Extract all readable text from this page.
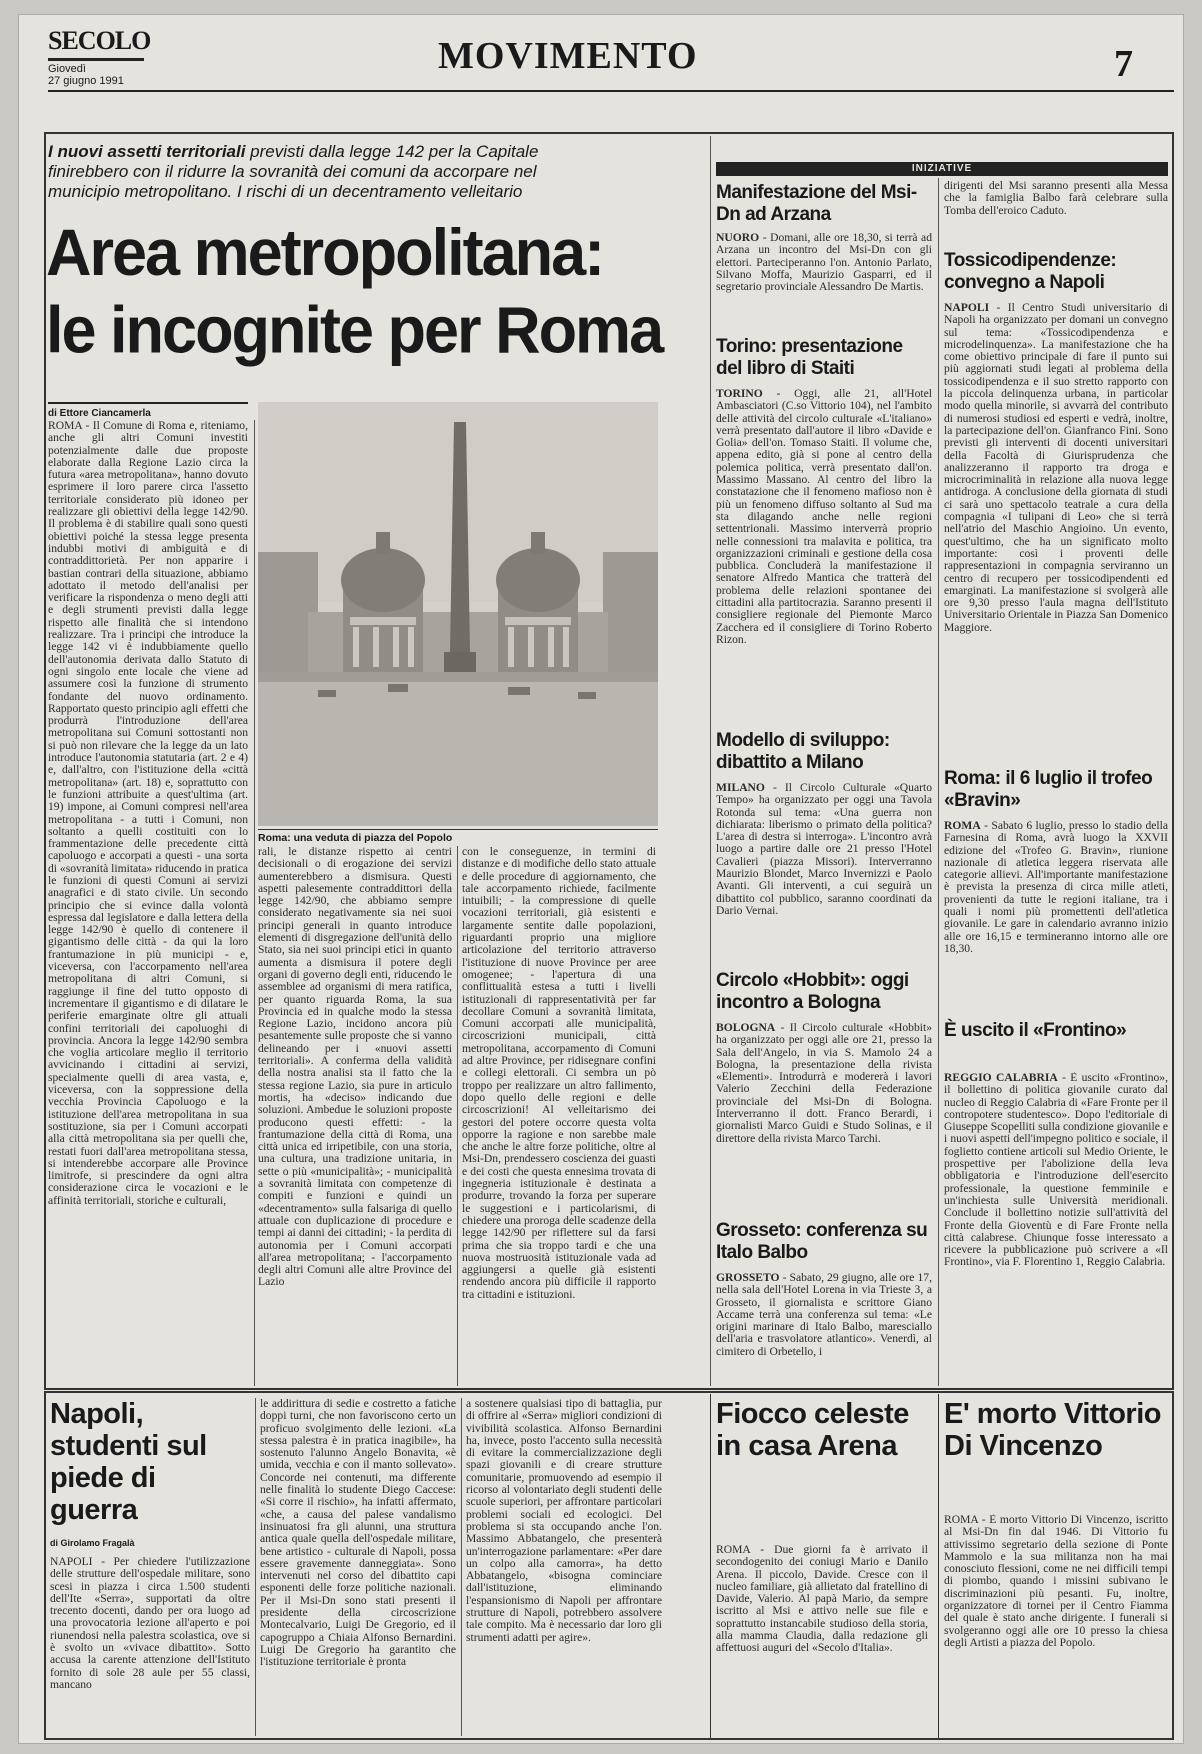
SECOLO
Giovedì
27 giugno 1991
MOVIMENTO	7
I nuovi assetti territoriali previsti dalla legge 142 per la Capitale finirebbero con il ridurre la sovranità dei comuni da accorpare nel municipio metropolitano. I rischi di un decentramento velleitario
Area metropolitana:
le incognite per Roma
di Ettore Ciancamerla
ROMA - Il Comune di Roma e, riteniamo, anche gli altri Comuni investiti potenzialmente dalle due proposte elaborate dalla Regione Lazio circa la futura «area metropolitana», hanno dovuto esprimere il loro parere circa l'assetto territoriale considerato più idoneo per realizzare gli obiettivi della legge 142/90. Il problema è di stabilire quali sono questi obiettivi poiché la stessa legge presenta indubbi motivi di ambiguità e di contraddittorietà. Per non apparire i bastian contrari della situazione, abbiamo adottato il metodo dell'analisi per verificare la rispondenza o meno degli atti e degli strumenti previsti dalla legge rispetto alle finalità che si intendono realizzare. Tra i principi che introduce la legge 142 vi è indubbiamente quello dell'autonomia derivata dallo Statuto di ogni singolo ente locale che viene ad assumere così la funzione di strumento fondante del nuovo ordinamento. Rapportato questo principio agli effetti che produrrà l'introduzione dell'area metropolitana sui Comuni sottostanti non si può non rilevare che la legge da un lato introduce l'autonomia statutaria (art. 2 e 4) e, dall'altro, con l'istituzione della «città metropolitana» (art. 18) e, soprattutto con le funzioni attribuite a quest'ultima (art. 19) impone, ai Comuni compresi nell'area metropolitana - a tutti i Comuni, non soltanto a quelli costituiti con lo frammentazione delle precedente città capoluogo e accorpati a questi - una sorta di «sovranità limitata» riducendo in pratica le funzioni di questi Comuni ai servizi anagrafici e di stato civile. Un secondo principio che si evince dalla volontà espressa dal legislatore e dalla lettera della legge 142/90 è quello di contenere il gigantismo delle città - da qui la loro frantumazione in più municipi - e, viceversa, con l'accorpamento nell'area metropolitana di altri Comuni, si raggiunge il fine del tutto opposto di incrementare il gigantismo e di dilatare le periferie emarginate oltre gli attuali confini territoriali dei capoluoghi di provincia. Ancora la legge 142/90 sembra che voglia articolare meglio il territorio avvicinando i cittadini ai servizi, specialmente quelli di area vasta, e, viceversa, con la soppressione della vecchia Provincia Capoluogo e la istituzione dell'area metropolitana in sua sostituzione, sia per i Comuni accorpati alla città metropolitana sia per quelli che, restati fuori dall'area metropolitana stessa, si intenderebbe accorpare alle Province limitrofe, si prescindere da ogni altra considerazione circa le vocazioni e le affinità territoriali, storiche e culturali,
Roma: una veduta di piazza del Popolo
rali, le distanze rispetto ai centri decisionali o di erogazione dei servizi aumenterebbero a dismisura. Questi aspetti palesemente contraddittori della legge 142/90, che abbiamo sempre considerato negativamente sia nei suoi principi generali in quanto introduce elementi di disgregazione dell'unità dello Stato, sia nei suoi principi etici in quanto aumenta a dismisura il potere degli organi di governo degli enti, riducendo le assemblee ad organismi di mera ratifica, per quanto riguarda Roma, la sua Provincia ed in qualche modo la stessa Regione Lazio, incidono ancora più pesantemente sulle proposte che si vanno delineando per i «nuovi assetti territoriali». A conferma della validità della nostra analisi sta il fatto che la stessa regione Lazio, sia pure in articulo mortis, ha «deciso» indicando due soluzioni. Ambedue le soluzioni proposte producono questi effetti: - la frantumazione della città di Roma, una città unica ed irripetibile, con una storia, una cultura, una tradizione unitaria, in sette o più «municipalità»; - municipalità a sovranità limitata con competenze di compiti e funzioni e quindi un «decentramento» sulla falsariga di quello attuale con duplicazione di procedure e tempi ai danni dei cittadini; - la perdita di autonomia per i Comuni accorpati all'area metropolitana; - l'accorpamento degli altri Comuni alle altre Province del Lazio
con le conseguenze, in termini di distanze e di modifiche dello stato attuale e delle procedure di aggiornamento, che tale accorpamento richiede, facilmente intuibili; - la compressione di quelle vocazioni territoriali, già esistenti e largamente sentite dalle popolazioni, riguardanti proprio una migliore articolazione del territorio attraverso l'istituzione di nuove Province per aree omogenee; - l'apertura di una conflittualità estesa a tutti i livelli istituzionali di rappresentatività per far decollare Comuni a sovranità limitata, Comuni accorpati alle municipalità, circoscrizioni municipali, città metropolitana, accorpamento di Comuni ad altre Province, per ridisegnare confini e collegi elettorali. Ci sembra un pò troppo per realizzare un altro fallimento, dopo quello delle regioni e delle circoscrizioni! Al velleitarismo dei gestori del potere occorre questa volta opporre la ragione e non sarebbe male che anche le altre forze politiche, oltre al Msi-Dn, prendessero coscienza dei guasti e dei costi che questa ennesima trovata di ingegneria istituzionale è destinata a produrre, trovando la forza per superare le suggestioni e i particolarismi, di chiedere una proroga delle scadenze della legge 142/90 per riflettere sul da farsi prima che sia troppo tardi e che una nuova mostruosità istituzionale vada ad aggiungersi a quelle già esistenti rendendo ancora più difficile il rapporto tra cittadini e istituzioni.
INIZIATIVE
Manifestazione del Msi-Dn ad Arzana

NUORO - Domani, alle ore 18,30, si terrà ad Arzana un incontro del Msi-Dn con gli elettori. Parteciperanno l'on. Antonio Parlato, Silvano Moffa, Maurizio Gasparri, ed il segretario provinciale Alessandro De Martis.

Torino: presentazione del libro di Staiti

TORINO - Oggi, alle 21, all'Hotel Ambasciatori (C.so Vittorio 104), nel l'ambito delle attività del circolo culturale «L'italiano» verrà presentato dall'autore il libro «Davide e Golia» dell'on. Tomaso Staiti. Il volume che, appena edito, già si pone al centro della polemica politica, verrà presentato dall'on. Massimo Massano. Al centro del libro la constatazione che il fenomeno mafioso non è più un fenomeno diffuso soltanto al Sud ma sta dilagando anche nelle regioni settentrionali. Massimo interverrà proprio nelle connessioni tra malavita e politica, tra organizzazioni criminali e gestione della cosa pubblica. Concluderà la manifestazione il senatore Alfredo Mantica che tratterà del problema delle relazioni spontanee dei cittadini alla partitocrazia. Saranno presenti il consigliere regionale del Piemonte Marco Zacchera ed il consigliere di Torino Roberto Rizon.

Modello di sviluppo: dibattito a Milano

MILANO - Il Circolo Culturale «Quarto Tempo» ha organizzato per oggi una Tavola Rotonda sul tema: «Una guerra non dichiarata: liberismo o primato della politica? L'area di destra si interroga». L'incontro avrà luogo a partire dalle ore 21 presso l'Hotel Cavalieri (piazza Missori). Interverranno Maurizio Blondet, Marco Invernizzi e Paolo Avanti. Gli interventi, a cui seguirà un dibattito col pubblico, saranno coordinati da Dario Vernai.

Circolo «Hobbit»: oggi incontro a Bologna

BOLOGNA - Il Circolo culturale «Hobbit» ha organizzato per oggi alle ore 21, presso la Sala dell'Angelo, in via S. Mamolo 24 a Bologna, la presentazione della rivista «Elementi». Introdurrà e modererà i lavori Valerio Zecchini della Federazione provinciale del Msi-Dn di Bologna. Interverranno il dott. Franco Berardi, i giornalisti Marco Guidi e Studo Solinas, e il direttore della rivista Marco Tarchi.

Grosseto: conferenza su Italo Balbo

GROSSETO - Sabato, 29 giugno, alle ore 17, nella sala dell'Hotel Lorena in via Trieste 3, a Grosseto, il giornalista e scrittore Giano Accame terrà una conferenza sul tema: «Le origini marinare di Italo Balbo, maresciallo dell'aria e trasvolatore atlantico». Venerdì, al cimitero di Orbetello, i

dirigenti del Msi saranno presenti alla Messa che la famiglia Balbo farà celebrare sulla Tomba dell'eroico Caduto.

Tossicodipendenze: convegno a Napoli

NAPOLI - Il Centro Studi universitario di Napoli ha organizzato per domani un convegno sul tema: «Tossicodipendenza e microdelinquenza». La manifestazione che ha come obiettivo principale di fare il punto sui più aggiornati studi legati al problema della tossicodipendenza e il suo stretto rapporto con la piccola delinquenza urbana, in particolar modo quella minorile, si avvarrà del contributo di numerosi studiosi ed esperti e vedrà, inoltre, la partecipazione dell'on. Gianfranco Fini. Sono previsti gli interventi di docenti universitari della Facoltà di Giurisprudenza che analizzeranno il rapporto tra droga e microcriminalità in relazione alla nuova legge antidroga. A conclusione della giornata di studi ci sarà uno spettacolo teatrale a cura della compagnia «I tulipani di Leo» che si terrà nell'atrio del Maschio Angioino. Un evento, quest'ultimo, che ha un significato molto importante: così i proventi delle rappresentazioni in compagnia serviranno un centro di recupero per tossicodipendenti ed emarginati. La manifestazione si svolgerà alle ore 9,30 presso l'aula magna dell'Istituto Universitario Orientale in Piazza San Domenico Maggiore.

Roma: il 6 luglio il trofeo «Bravin»

ROMA - Sabato 6 luglio, presso lo stadio della Farnesina di Roma, avrà luogo la XXVII edizione del «Trofeo G. Bravin», riunione nazionale di atletica leggera riservata alle categorie allievi. All'importante manifestazione è prevista la presenza di circa mille atleti, provenienti da tutte le regioni italiane, tra i quali i nomi più promettenti dell'atletica giovanile. Le gare in calendario avranno inizio alle ore 16,15 e termineranno intorno alle ore 18,30.

È uscito il «Frontino»

REGGIO CALABRIA - È uscito «Frontino», il bollettino di politica giovanile curato dal nucleo di Reggio Calabria di «Fare Fronte per il contropotere studentesco». Dopo l'editoriale di Giuseppe Scopelliti sulla condizione giovanile e i nuovi aspetti dell'impegno politico e sociale, il foglietto contiene articoli sul Medio Oriente, le prospettive per l'abolizione della leva obbligatoria e l'introduzione dell'esercito professionale, la questione femminile e un'inchiesta sulle Università meridionali. Conclude il bollettino notizie sull'attività del Fronte della Gioventù e di Fare Fronte nella città calabrese. Chiunque fosse interessato a ricevere la pubblicazione può scrivere a «Il Frontino», via F. Florentino 1, Reggio Calabria.

Napoli, studenti sul piede di guerra
di Girolamo Fragalà
NAPOLI - Per chiedere l'utilizzazione delle strutture dell'ospedale militare, sono scesi in piazza i circa 1.500 studenti dell'Ite «Serra», supportati da oltre trecento docenti, dando per ora luogo ad una provocatoria lezione all'aperto e poi riunendosi nella palestra scolastica, ove si è svolto un «vivace dibattito». Sotto accusa la carente attenzione dell'Istituto fornito di sole 28 aule per 55 classi, mancano
le addirittura di sedie e costretto a fatiche doppi turni, che non favoriscono certo un proficuo svolgimento delle lezioni. «La stessa palestra è in pratica inagibile», ha sostenuto l'alunno Angelo Bonavita, «è umida, vecchia e con il manto sollevato». Concorde nei contenuti, ma differente nelle finalità lo studente Diego Caccese: «Si corre il rischio», ha infatti affermato, «che, a causa del palese vandalismo insinuatosi fra gli alunni, una struttura antica quale quella dell'ospedale militare, bene artistico - culturale di Napoli, possa essere gravemente danneggiata». Sono intervenuti nel corso del dibattito capi esponenti delle forze politiche nazionali. Per il Msi-Dn sono stati presenti il presidente della circoscrizione Montecalvario, Luigi De Gregorio, ed il capogruppo a Chiaia Alfonso Bernardini. Luigi De Gregorio ha garantito che l'istituzione territoriale è pronta
a sostenere qualsiasi tipo di battaglia, pur di offrire al «Serra» migliori condizioni di vivibilità scolastica. Alfonso Bernardini ha, invece, posto l'accento sulla necessità di evitare la commercializzazione degli spazi giovanili e di creare strutture comunitarie, promuovendo ad esempio il ricorso al volontariato degli studenti delle scuole superiori, per affrontare particolari problemi sociali ed ecologici. Del problema si sta occupando anche l'on. Massimo Abbatangelo, che presenterà un'interrogazione parlamentare: «Per dare un colpo alla camorra», ha detto Abbatangelo, «bisogna cominciare dall'istituzione, eliminando l'espansionismo di Napoli per affrontare strutture di Napoli, potrebbero assolvere tale compito. Ma è necessario dar loro gli strumenti adatti per agire».
Fiocco celeste in casa Arena
ROMA - Due giorni fa è arrivato il secondogenito dei coniugi Mario e Danilo Arena. Il piccolo, Davide. Cresce con il nucleo familiare, già allietato dal fratellino di Davide, Valerio. Al papà Mario, da sempre iscritto al Msi e attivo nelle sue file e soprattutto instancabile studioso della storia, alla mamma Claudia, dalla redazione gli affettuosi auguri del «Secolo d'Italia».
E' morto Vittorio Di Vincenzo
ROMA - È morto Vittorio Di Vincenzo, iscritto al Msi-Dn fin dal 1946. Di Vittorio fu attivissimo segretario della sezione di Ponte Mammolo e la sua militanza non ha mai conosciuto flessioni, come ne nei difficili tempi di piombo, quando i missini subivano le discriminazioni più pesanti. Fu, inoltre, organizzatore di tornei per il Centro Fiamma del quale è stato anche dirigente. I funerali si svolgeranno oggi alle ore 10 presso la chiesa degli Artisti a piazza del Popolo.
